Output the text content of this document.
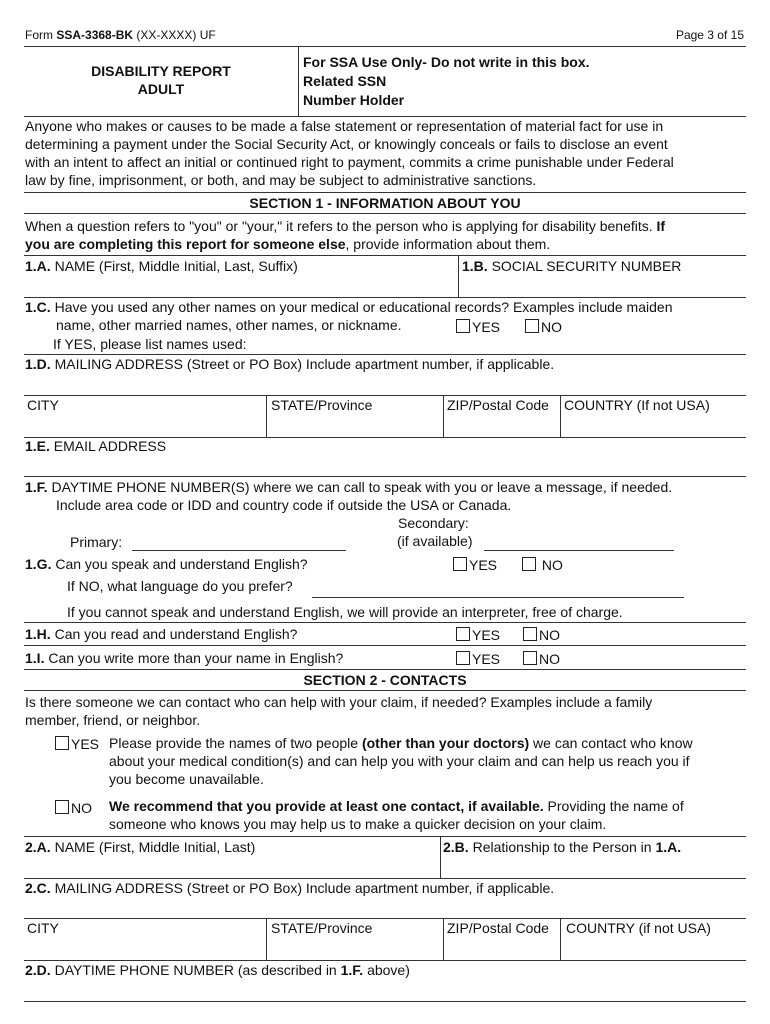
Form SSA-3368-BK (XX-XXXX) UF	Page 3 of 15
DISABILITY REPORT
ADULT
For SSA Use Only- Do not write in this box.
Related SSN
Number Holder
Anyone who makes or causes to be made a false statement or representation of material fact for use in
determining a payment under the Social Security Act, or knowingly conceals or fails to disclose an event
with an intent to affect an initial or continued right to payment, commits a crime punishable under Federal
law by fine, imprisonment, or both, and may be subject to administrative sanctions.
SECTION 1 - INFORMATION ABOUT YOU
When a question refers to "you" or "your," it refers to the person who is applying for disability benefits. If
you are completing this report for someone else, provide information about them.
1.A. NAME (First, Middle Initial, Last, Suffix)	1.B. SOCIAL SECURITY NUMBER
1.C. Have you used any other names on your medical or educational records? Examples include maiden
name, other married names, other names, or nickname.	YES	NO
If YES, please list names used:
1.D. MAILING ADDRESS (Street or PO Box) Include apartment number, if applicable.
CITY	STATE/Province	ZIP/Postal Code COUNTRY (If not USA)
1.E. EMAIL ADDRESS
1.F. DAYTIME PHONE NUMBER(S) where we can call to speak with you or leave a message, if needed.
Include area code or IDD and country code if outside the USA or Canada.
Secondary:
Primary:	(if available)
1.G. Can you speak and understand English?	YES	NO
If NO, what language do you prefer?
If you cannot speak and understand English, we will provide an interpreter, free of charge.
1.H. Can you read and understand English?	YES	NO
1.I. Can you write more than your name in English?	YES	NO
SECTION 2 - CONTACTS
Is there someone we can contact who can help with your claim, if needed? Examples include a family
member, friend, or neighbor.
YES Please provide the names of two people (other than your doctors) we can contact who know
about your medical condition(s) and can help you with your claim and can help us reach you if
you become unavailable.
NO We recommend that you provide at least one contact, if available. Providing the name of
someone who knows you may help us to make a quicker decision on your claim.
2.A. NAME (First, Middle Initial, Last)	2.B. Relationship to the Person in 1.A.
2.C. MAILING ADDRESS (Street or PO Box) Include apartment number, if applicable.
CITY	STATE/Province	ZIP/Postal Code COUNTRY (if not USA)
2.D. DAYTIME PHONE NUMBER (as described in 1.F. above)
